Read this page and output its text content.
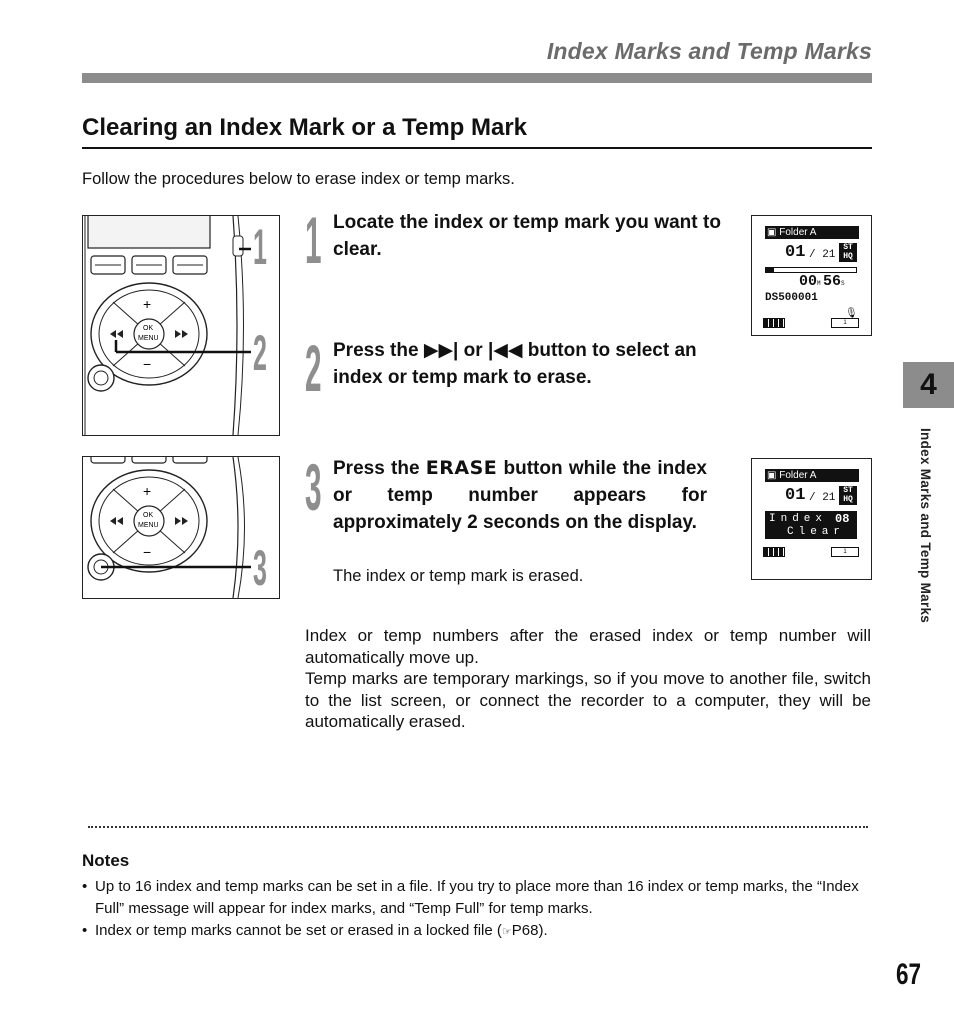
Index Marks and Temp Marks
Clearing an Index Mark or a Temp Mark
Follow the procedures below to erase index or temp marks.
OK
MENU
+
−
1
2
OK
MENU
+
− 3
1 Locate the index or temp mark you want to clear.
2 Press the ▶▶| or |◀◀ button to select an index or temp mark to erase.
3 Press the ERASE button while the index or temp number appears for approximately 2 seconds on the display.
The index or temp mark is erased.
▣ Folder A
01 / 21
ST
HQ
00 M 56 S
DS500001
🎙
1
▣ Folder A
01 / 21
ST
HQ
Index 08
Clear
1
Index or temp numbers after the erased index or temp number will automatically move up.
Temp marks are temporary markings, so if you move to another file, switch to the list screen, or connect the recorder to a computer, they will be automatically erased.
Notes
• Up to 16 index and temp marks can be set in a file. If you try to place more than 16 index or temp marks, the “Index Full” message will appear for index marks, and “Temp Full” for temp marks.
• Index or temp marks cannot be set or erased in a locked file (☞P68).
4
Index Marks and Temp Marks
67
